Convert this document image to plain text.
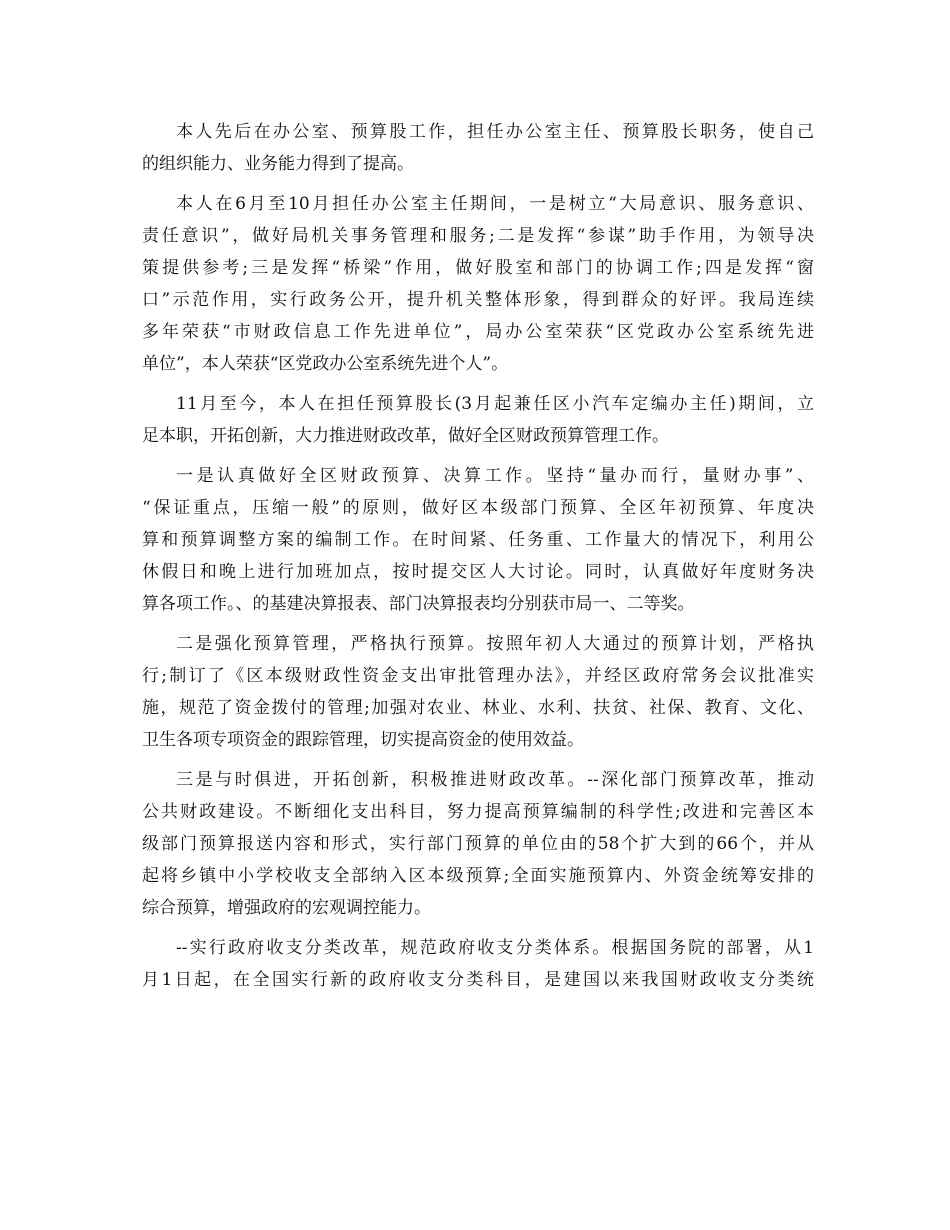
本人先后在办公室、预算股工作，担任办公室主任、预算股长职务，使自己
的组织能力、业务能力得到了提高。
本人在6月至10月担任办公室主任期间，一是树立“大局意识、服务意识、
责任意识”，做好局机关事务管理和服务;二是发挥“参谋”助手作用，为领导决
策提供参考;三是发挥“桥梁”作用，做好股室和部门的协调工作;四是发挥“窗
口”示范作用，实行政务公开，提升机关整体形象，得到群众的好评。我局连续
多年荣获“市财政信息工作先进单位”，局办公室荣获“区党政办公室系统先进
单位”，本人荣获“区党政办公室系统先进个人”。
11月至今，本人在担任预算股长(3月起兼任区小汽车定编办主任)期间，立
足本职，开拓创新，大力推进财政改革，做好全区财政预算管理工作。
一是认真做好全区财政预算、决算工作。坚持“量办而行，量财办事”、
“保证重点，压缩一般”的原则，做好区本级部门预算、全区年初预算、年度决
算和预算调整方案的编制工作。在时间紧、任务重、工作量大的情况下，利用公
休假日和晚上进行加班加点，按时提交区人大讨论。同时，认真做好年度财务决
算各项工作。、的基建决算报表、部门决算报表均分别获市局一、二等奖。
二是强化预算管理，严格执行预算。按照年初人大通过的预算计划，严格执
行;制订了《区本级财政性资金支出审批管理办法》，并经区政府常务会议批准实
施，规范了资金拨付的管理;加强对农业、林业、水利、扶贫、社保、教育、文化、
卫生各项专项资金的跟踪管理，切实提高资金的使用效益。
三是与时俱进，开拓创新，积极推进财政改革。--深化部门预算改革，推动
公共财政建设。不断细化支出科目，努力提高预算编制的科学性;改进和完善区本
级部门预算报送内容和形式，实行部门预算的单位由的58个扩大到的66个，并从
起将乡镇中小学校收支全部纳入区本级预算;全面实施预算内、外资金统筹安排的
综合预算，增强政府的宏观调控能力。
--实行政府收支分类改革，规范政府收支分类体系。根据国务院的部署，从1
月1日起，在全国实行新的政府收支分类科目，是建国以来我国财政收支分类统
